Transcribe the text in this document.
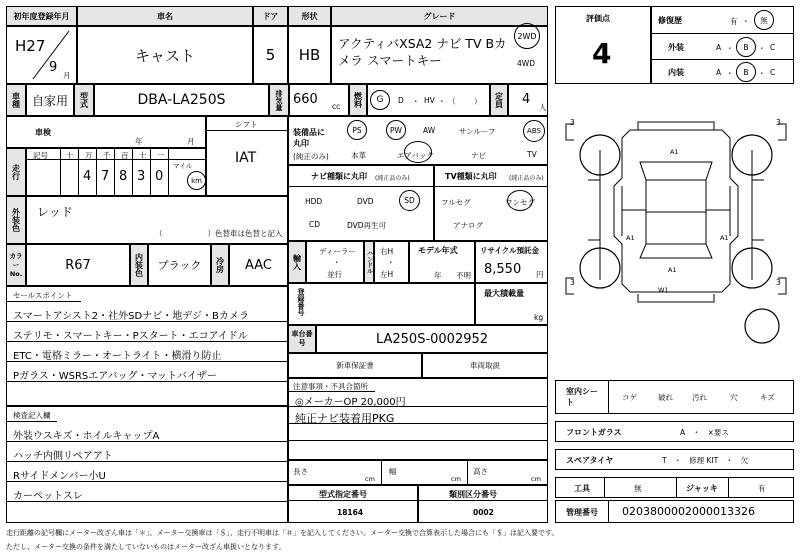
初年度登録年月	車名	ドア	形状	グレード
H27
9
月
キャスト	5	HB
アクティバXSA2 ナビ TV Bカメラ スマートキー
2WD
4WD
車種 自家用	型式	DBA-LA250S	排気量 660 cc	燃料	G D ・ HV ・ （ ）	定員	4
人
車検
年	月
シフト
IAT
装備品に丸印
(純正のみ)
PS	PW	AW	サンルーフ	ABS
本革	エアバック	ナビ	TV
走行
記号 十 万 千 百 十 一
4 7 8 3 0
マイル
km	ナビ種類に丸印 (純正品のみ)
HDD	DVD	SD
CD	DVD再生可
TV種類に丸印 (純正品のみ)
フルセグ	ワンセグ
アナログ
外装色	レッド
（　　　　　　）色替車は色替と記入
カラーNo.
R67	内装色	ブラック	冷房	AAC	輸入
ディーラー
・
並行
ハンドル 右H
・
左H
モデル年式
年 不明
リサイクル預託金
8,550 円
セールスポイント
スマートアシスト2・社外SDナビ・地デジ・Bカメラ
ステリモ・スマートキー・Pスタート・エコアイドル
ETC・電格ミラー・オートライト・横滑り防止
Pガラス・WSRSエアバッグ・マットバイザー
登録番号	最大積載量
kg
車台番号	LA250S-0002952
新車保証書	車両取説
注意事項・不具合箇所
◎メーカーOP 20,000円
純正ナビ装着用PKG
検査記入欄
外装ウスキズ・ホイルキャップA
ハッチ内側リペアアト
Rサイドメンバー小U
カーペットスレ
長さ
cm
幅
cm
高さ
cm
型式指定番号
18164
類別区分番号
0002
評価点
4
修復歴	有 ・ 無
外装	A ・ B ・ C
内装	A ・ B ・ C
3	3
3	3
A1
A1	A1
A1
W1
室内シート
コゲ	破れ	汚れ	穴	キズ
フロントガラス	A　・　×要ス
スペアタイヤ	T　・　修理 KIT　・　欠
工具	無	ジャッキ	有
管理番号 0203800002000013326
走行距離の記号欄にメーター改ざん車は「＊」、メーター交換車は「＄」、走行不明車は「＃」を記入してください。メーター交換で合算表示した場合にも「＄」は記入要です。
ただし、メーター交換の条件を満たしていないものはメーター改ざん車扱いとなります。
